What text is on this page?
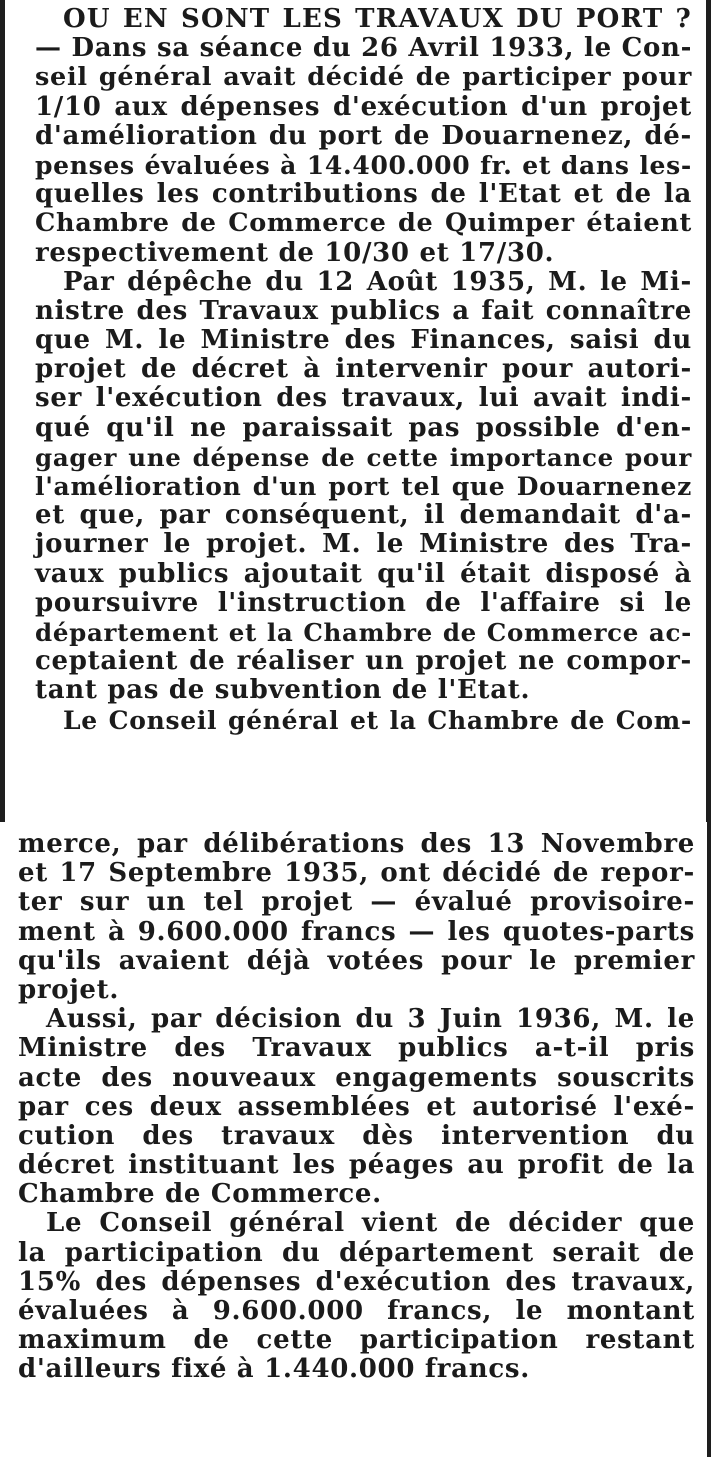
OU EN SONT LES TRAVAUX DU PORT ?
— Dans sa séance du 26 Avril 1933, le Con-
seil général avait décidé de participer pour
1/10 aux dépenses d'exécution d'un projet
d'amélioration du port de Douarnenez, dé-
penses évaluées à 14.400.000 fr. et dans les-
quelles les contributions de l'Etat et de la
Chambre de Commerce de Quimper étaient
respectivement de 10/30 et 17/30.
Par dépêche du 12 Août 1935, M. le Mi-
nistre des Travaux publics a fait connaître
que M. le Ministre des Finances, saisi du
projet de décret à intervenir pour autori-
ser l'exécution des travaux, lui avait indi-
qué qu'il ne paraissait pas possible d'en-
gager une dépense de cette importance pour
l'amélioration d'un port tel que Douarnenez
et que, par conséquent, il demandait d'a-
journer le projet. M. le Ministre des Tra-
vaux publics ajoutait qu'il était disposé à
poursuivre l'instruction de l'affaire si le
département et la Chambre de Commerce ac-
ceptaient de réaliser un projet ne compor-
tant pas de subvention de l'Etat.
Le Conseil général et la Chambre de Com-
merce, par délibérations des 13 Novembre
et 17 Septembre 1935, ont décidé de repor-
ter sur un tel projet — évalué provisoire-
ment à 9.600.000 francs — les quotes-parts
qu'ils avaient déjà votées pour le premier
projet.
Aussi, par décision du 3 Juin 1936, M. le
Ministre des Travaux publics a-t-il pris
acte des nouveaux engagements souscrits
par ces deux assemblées et autorisé l'exé-
cution des travaux dès intervention du
décret instituant les péages au profit de la
Chambre de Commerce.
Le Conseil général vient de décider que
la participation du département serait de
15% des dépenses d'exécution des travaux,
évaluées à 9.600.000 francs, le montant
maximum de cette participation restant
d'ailleurs fixé à 1.440.000 francs.
